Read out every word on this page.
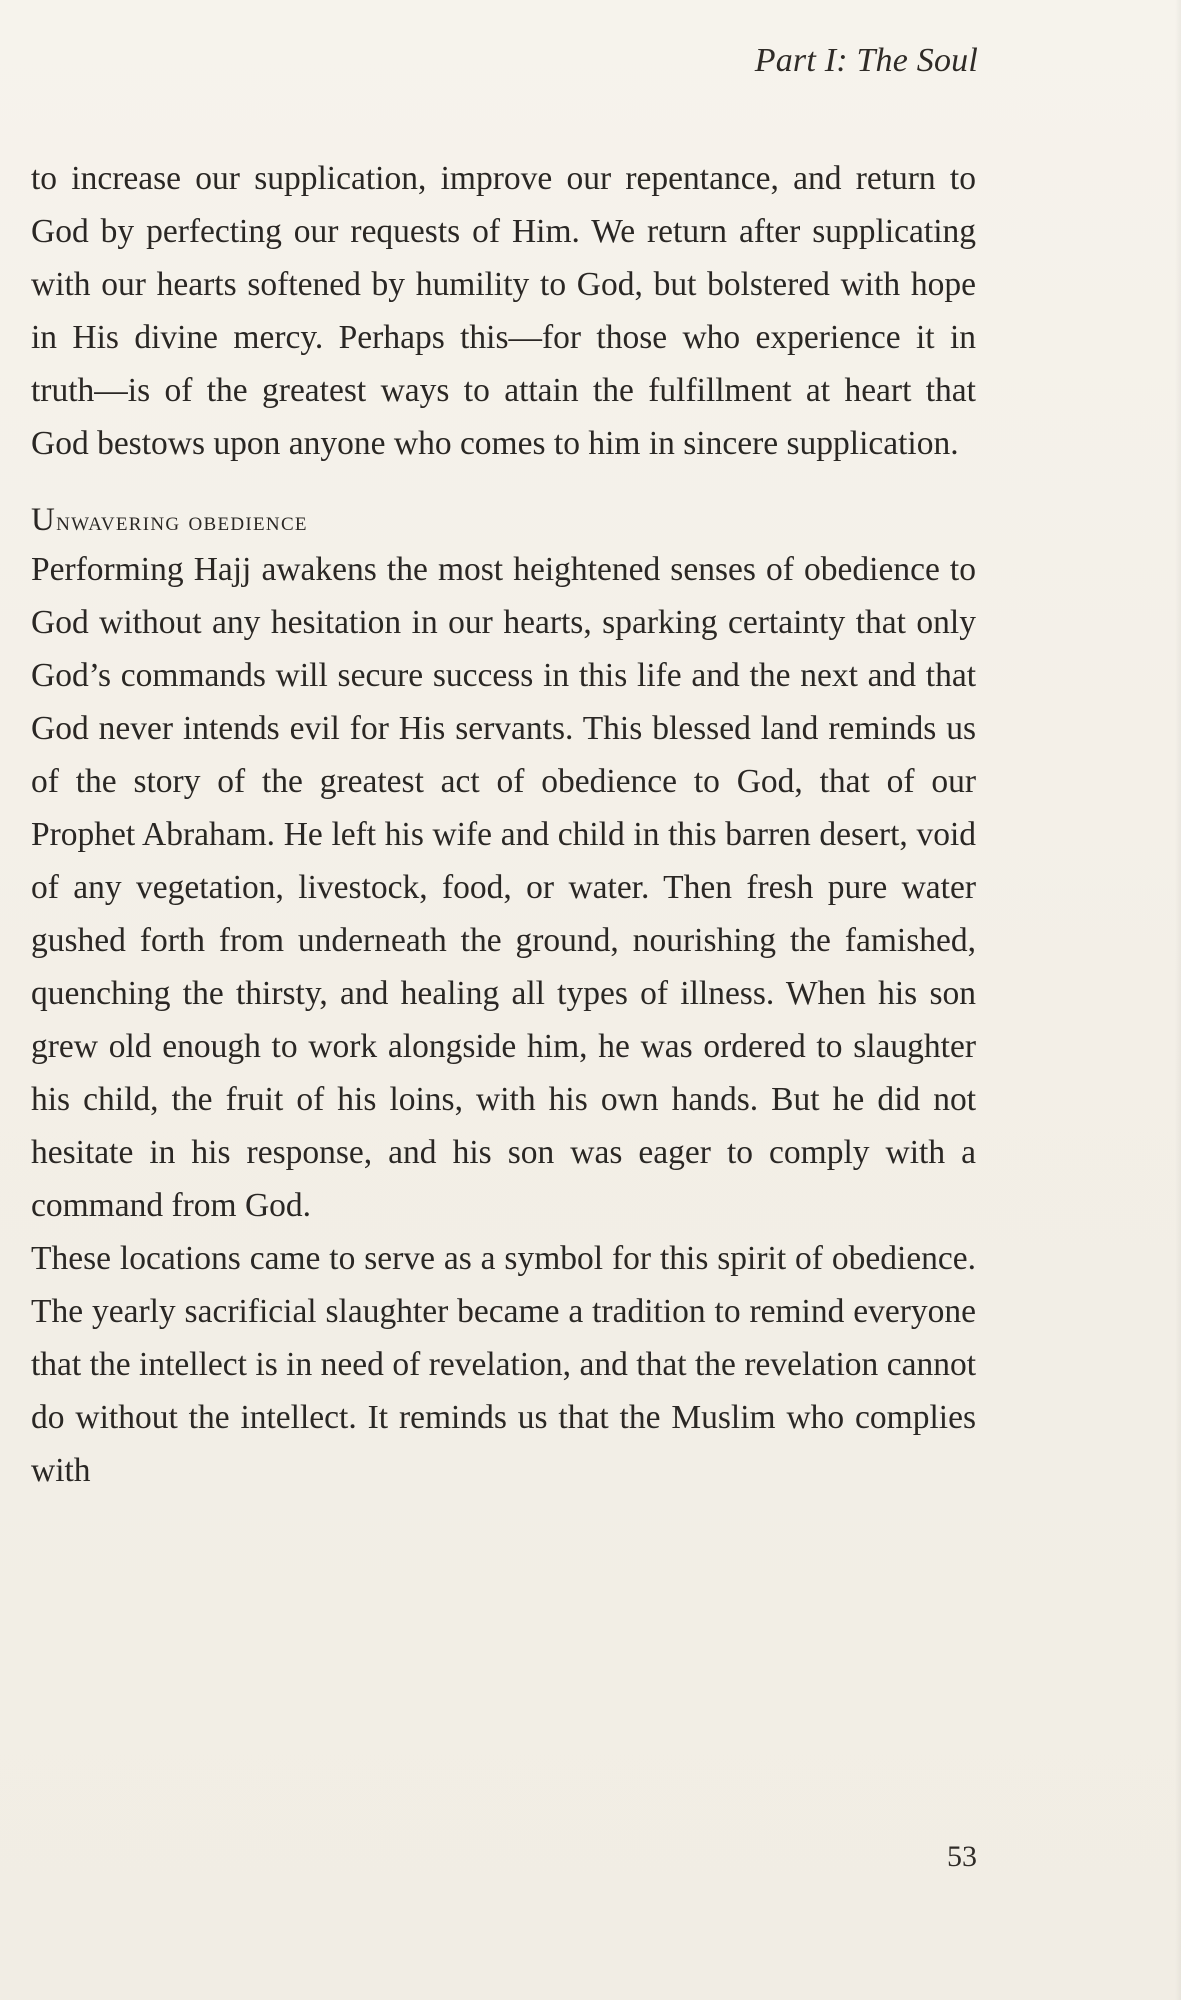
Part I: The Soul

to increase our supplication, improve our repentance, and return to God by perfecting our requests of Him. We return after supplicating with our hearts softened by humility to God, but bolstered with hope in His divine mercy. Perhaps this—for those who experience it in truth—is of the greatest ways to attain the fulfillment at heart that God bestows upon anyone who comes to him in sincere supplication.

Unwavering obedience

Performing Hajj awakens the most heightened senses of obedience to God without any hesitation in our hearts, sparking certainty that only God’s commands will secure success in this life and the next and that God never intends evil for His servants. This blessed land reminds us of the story of the greatest act of obedience to God, that of our Prophet Abraham. He left his wife and child in this barren desert, void of any vegetation, livestock, food, or water. Then fresh pure water gushed forth from underneath the ground, nourishing the famished, quenching the thirsty, and healing all types of illness. When his son grew old enough to work alongside him, he was ordered to slaughter his child, the fruit of his loins, with his own hands. But he did not hesitate in his response, and his son was eager to comply with a command from God.

These locations came to serve as a symbol for this spirit of obedience. The yearly sacrificial slaughter became a tradition to remind everyone that the intellect is in need of revelation, and that the revelation cannot do without the intellect. It reminds us that the Muslim who complies with

53
